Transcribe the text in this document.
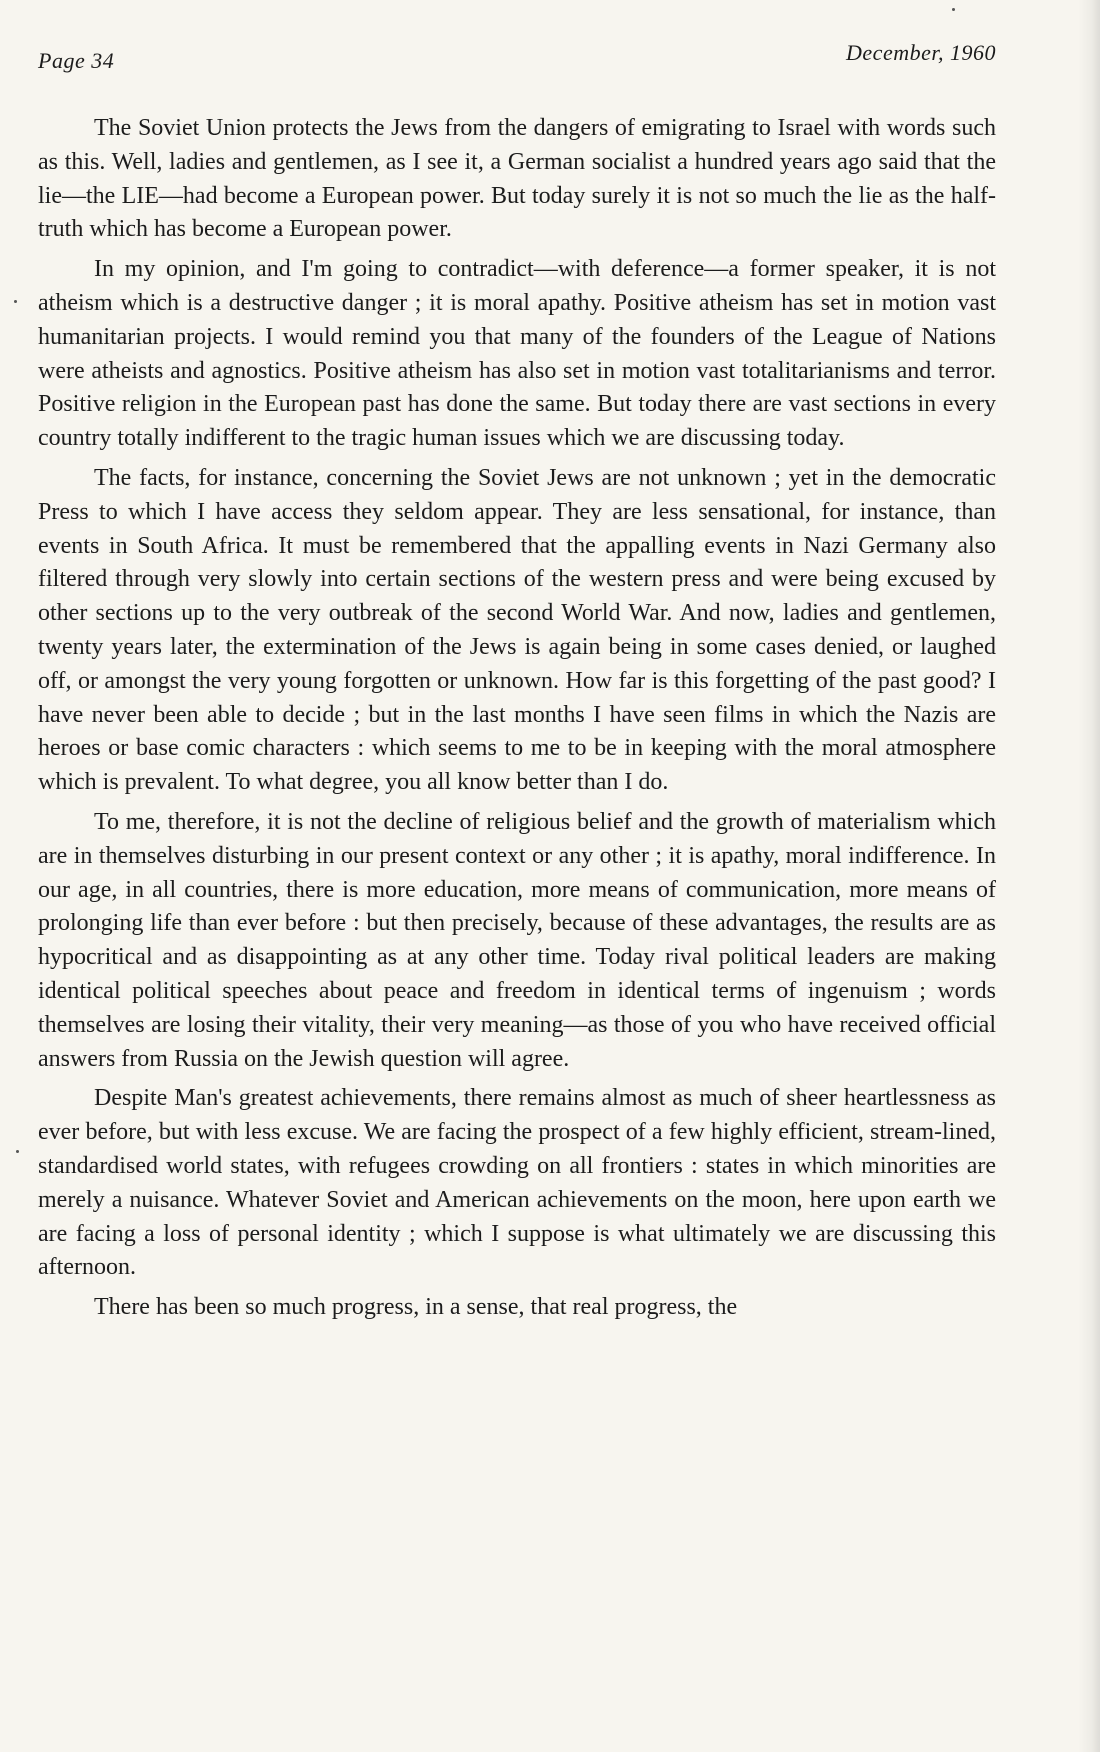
Page 34	December, 1960

The Soviet Union protects the Jews from the dangers of emigrating to Israel with words such as this. Well, ladies and gentlemen, as I see it, a German socialist a hundred years ago said that the lie—the LIE—had become a European power. But today surely it is not so much the lie as the half-truth which has become a European power.

In my opinion, and I'm going to contradict—with deference—a former speaker, it is not atheism which is a destructive danger ; it is moral apathy. Positive atheism has set in motion vast humanitarian projects. I would remind you that many of the founders of the League of Nations were atheists and agnostics. Positive atheism has also set in motion vast totalitarianisms and terror. Positive religion in the European past has done the same. But today there are vast sections in every country totally indifferent to the tragic human issues which we are discussing today.

The facts, for instance, concerning the Soviet Jews are not unknown ; yet in the democratic Press to which I have access they seldom appear. They are less sensational, for instance, than events in South Africa. It must be remembered that the appalling events in Nazi Germany also filtered through very slowly into certain sections of the western press and were being excused by other sections up to the very outbreak of the second World War. And now, ladies and gentlemen, twenty years later, the extermination of the Jews is again being in some cases denied, or laughed off, or amongst the very young forgotten or unknown. How far is this forgetting of the past good? I have never been able to decide ; but in the last months I have seen films in which the Nazis are heroes or base comic characters : which seems to me to be in keeping with the moral atmosphere which is prevalent. To what degree, you all know better than I do.

To me, therefore, it is not the decline of religious belief and the growth of materialism which are in themselves disturbing in our present context or any other ; it is apathy, moral indifference. In our age, in all countries, there is more education, more means of communication, more means of prolonging life than ever before : but then precisely, because of these advantages, the results are as hypocritical and as disappointing as at any other time. Today rival political leaders are making identical political speeches about peace and freedom in identical terms of ingenuism ; words themselves are losing their vitality, their very meaning—as those of you who have received official answers from Russia on the Jewish question will agree.

Despite Man's greatest achievements, there remains almost as much of sheer heartlessness as ever before, but with less excuse. We are facing the prospect of a few highly efficient, stream-lined, standardised world states, with refugees crowding on all frontiers : states in which minorities are merely a nuisance. Whatever Soviet and American achievements on the moon, here upon earth we are facing a loss of personal identity ; which I suppose is what ultimately we are discussing this afternoon.

There has been so much progress, in a sense, that real progress, the
